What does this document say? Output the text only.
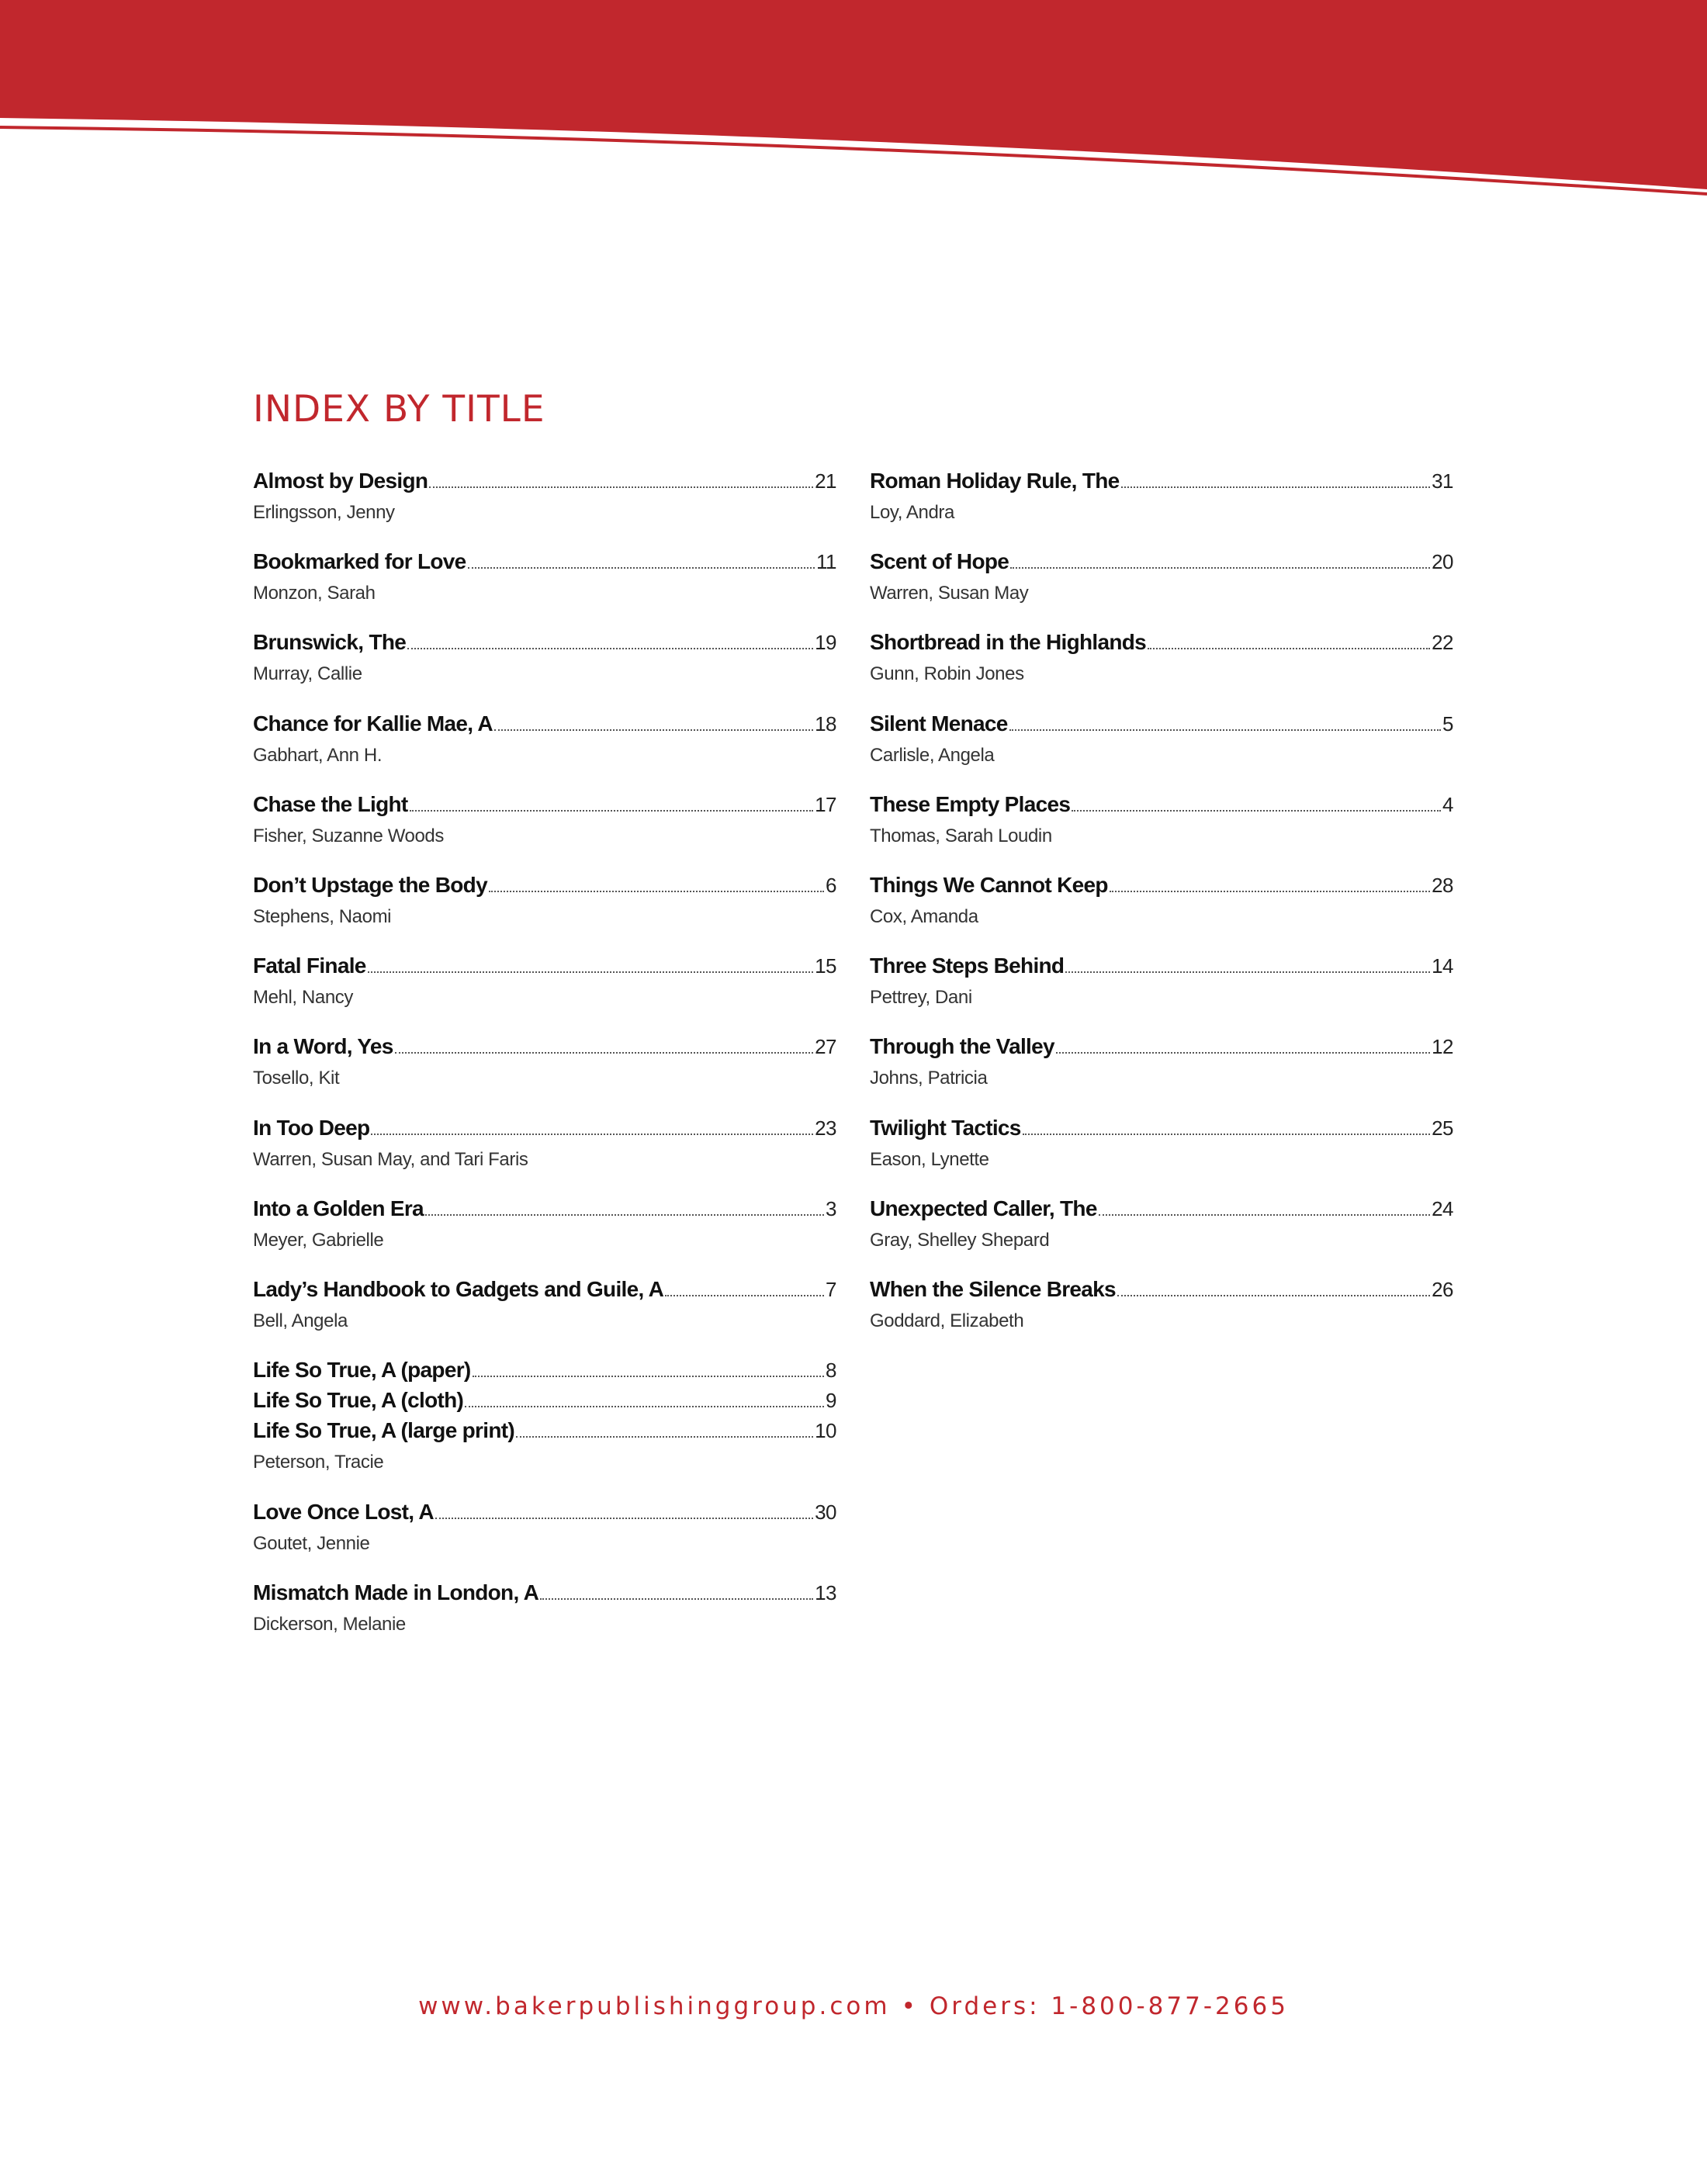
INDEX BY TITLE
Almost by Design	21
Erlingsson, Jenny
Bookmarked for Love	11
Monzon, Sarah
Brunswick, The	19
Murray, Callie
Chance for Kallie Mae, A	18
Gabhart, Ann H.
Chase the Light	17
Fisher, Suzanne Woods
Don’t Upstage the Body	6
Stephens, Naomi
Fatal Finale	15
Mehl, Nancy
In a Word, Yes	27
Tosello, Kit
In Too Deep	23
Warren, Susan May, and Tari Faris
Into a Golden Era	3
Meyer, Gabrielle
Lady’s Handbook to Gadgets and Guile, A	7
Bell, Angela
Life So True, A (paper)	8
Life So True, A (cloth)	9
Life So True, A (large print)	10
Peterson, Tracie
Love Once Lost, A	30
Goutet, Jennie
Mismatch Made in London, A	13
Dickerson, Melanie
Roman Holiday Rule, The	31
Loy, Andra
Scent of Hope	20
Warren, Susan May
Shortbread in the Highlands	22
Gunn, Robin Jones
Silent Menace	5
Carlisle, Angela
These Empty Places	4
Thomas, Sarah Loudin
Things We Cannot Keep	28
Cox, Amanda
Three Steps Behind	14
Pettrey, Dani
Through the Valley	12
Johns, Patricia
Twilight Tactics	25
Eason, Lynette
Unexpected Caller, The	24
Gray, Shelley Shepard
When the Silence Breaks	26
Goddard, Elizabeth
www.bakerpublishinggroup.com • Orders: 1-800-877-2665
